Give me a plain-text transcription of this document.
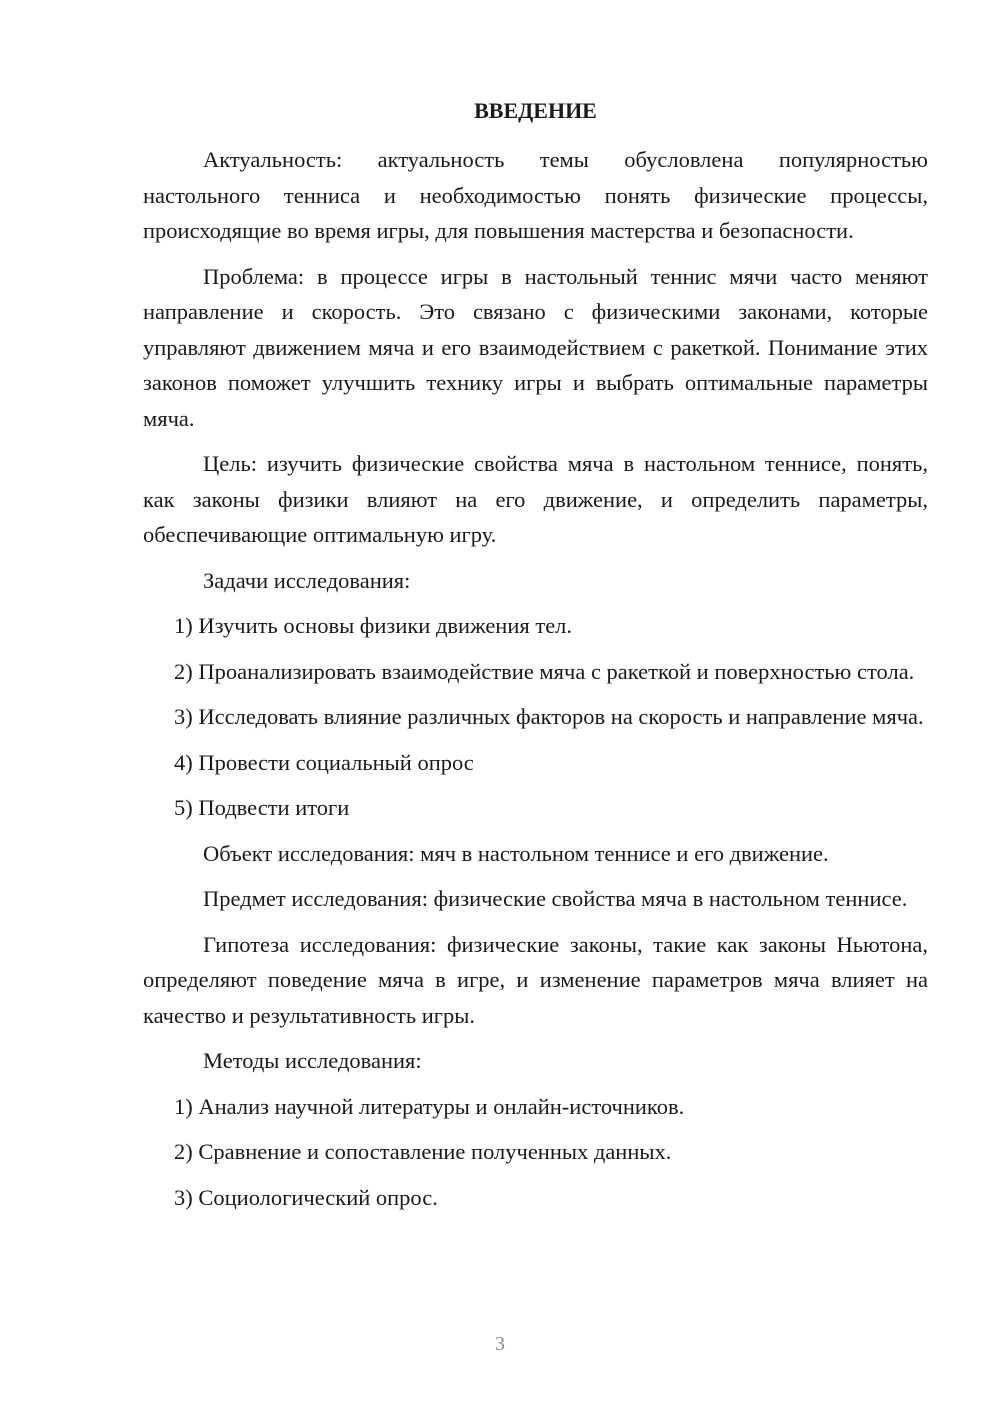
ВВЕДЕНИЕ

Актуальность: актуальность темы обусловлена популярностью настольного тенниса и необходимостью понять физические процессы, происходящие во время игры, для повышения мастерства и безопасности.

Проблема: в процессе игры в настольный теннис мячи часто меняют направление и скорость. Это связано с физическими законами, которые управляют движением мяча и его взаимодействием с ракеткой. Понимание этих законов поможет улучшить технику игры и выбрать оптимальные параметры мяча.

Цель: изучить физические свойства мяча в настольном теннисе, понять, как законы физики влияют на его движение, и определить параметры, обеспечивающие оптимальную игру.

Задачи исследования:

1) Изучить основы физики движения тел.

2) Проанализировать взаимодействие мяча с ракеткой и поверхностью стола.

3) Исследовать влияние различных факторов на скорость и направление мяча.

4) Провести социальный опрос

5) Подвести итоги

Объект исследования: мяч в настольном теннисе и его движение.

Предмет исследования: физические свойства мяча в настольном теннисе.

Гипотеза исследования: физические законы, такие как законы Ньютона, определяют поведение мяча в игре, и изменение параметров мяча влияет на качество и результативность игры.

Методы исследования:

1) Анализ научной литературы и онлайн-источников.

2) Сравнение и сопоставление полученных данных.

3) Социологический опрос.

3
